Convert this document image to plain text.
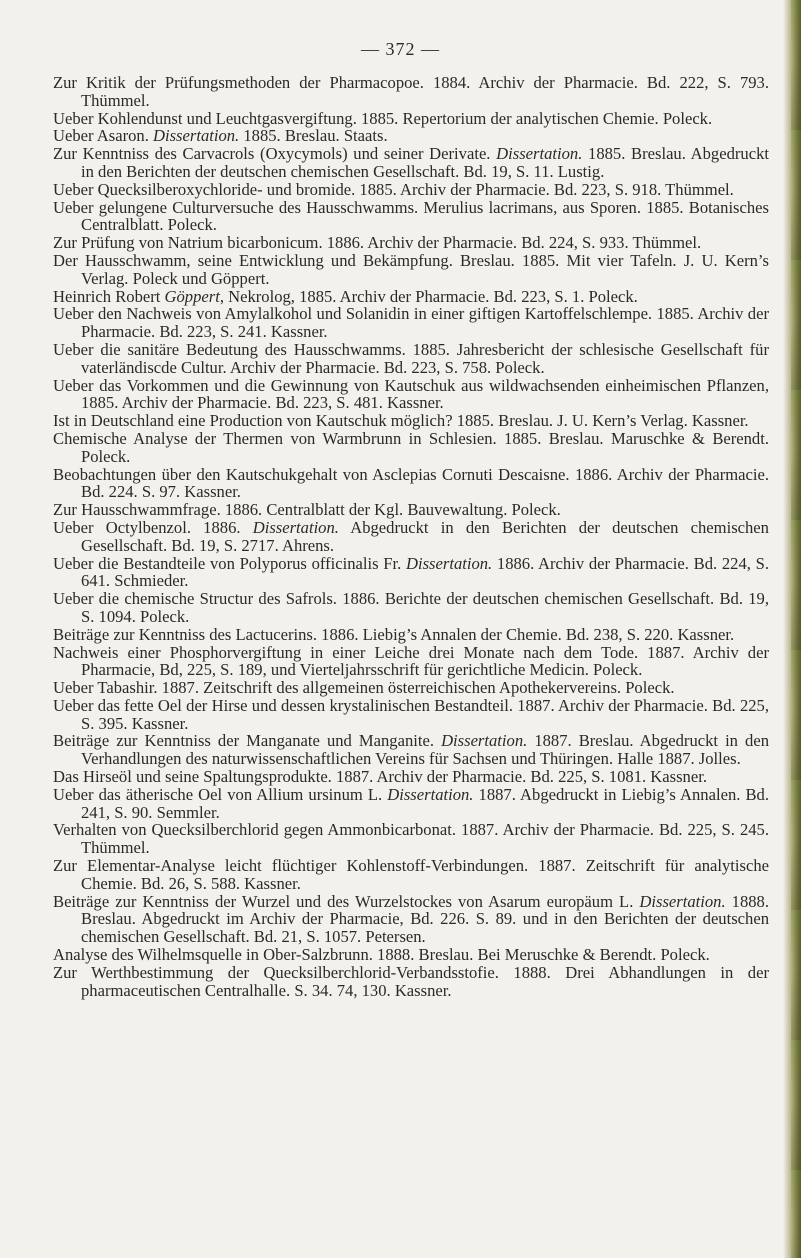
— 372 —

Zur Kritik der Prüfungsmethoden der Pharmacopoe. 1884. Archiv der Pharmacie. Bd. 222, S. 793. Thümmel.

Ueber Kohlendunst und Leuchtgasvergiftung. 1885. Repertorium der analytischen Chemie. Poleck.

Ueber Asaron. Dissertation. 1885. Breslau. Staats.

Zur Kenntniss des Carvacrols (Oxycymols) und seiner Derivate. Dissertation. 1885. Breslau. Abgedruckt in den Berichten der deutschen chemischen Gesellschaft. Bd. 19, S. 11. Lustig.

Ueber Quecksilberoxychloride- und bromide. 1885. Archiv der Pharmacie. Bd. 223, S. 918. Thümmel.

Ueber gelungene Culturversuche des Hausschwamms. Merulius lacrimans, aus Sporen. 1885. Botanisches Centralblatt. Poleck.

Zur Prüfung von Natrium bicarbonicum. 1886. Archiv der Pharmacie. Bd. 224, S. 933. Thümmel.

Der Hausschwamm, seine Entwicklung und Bekämpfung. Breslau. 1885. Mit vier Tafeln. J. U. Kern’s Verlag. Poleck und Göppert.

Heinrich Robert Göppert, Nekrolog, 1885. Archiv der Pharmacie. Bd. 223, S. 1. Poleck.

Ueber den Nachweis von Amylalkohol und Solanidin in einer giftigen Kartoffelschlempe. 1885. Archiv der Pharmacie. Bd. 223, S. 241. Kassner.

Ueber die sanitäre Bedeutung des Hausschwamms. 1885. Jahresbericht der schlesische Gesellschaft für vaterländiscde Cultur. Archiv der Pharmacie. Bd. 223, S. 758. Poleck.

Ueber das Vorkommen und die Gewinnung von Kautschuk aus wildwachsenden einheimischen Pflanzen, 1885. Archiv der Pharmacie. Bd. 223, S. 481. Kassner.

Ist in Deutschland eine Production von Kautschuk möglich? 1885. Breslau. J. U. Kern’s Verlag. Kassner.

Chemische Analyse der Thermen von Warmbrunn in Schlesien. 1885. Breslau. Maruschke & Berendt. Poleck.

Beobachtungen über den Kautschukgehalt von Asclepias Cornuti Descaisne. 1886. Archiv der Pharmacie. Bd. 224. S. 97. Kassner.

Zur Hausschwammfrage. 1886. Centralblatt der Kgl. Bauvewaltung. Poleck.

Ueber Octylbenzol. 1886. Dissertation. Abgedruckt in den Berichten der deutschen chemischen Gesellschaft. Bd. 19, S. 2717. Ahrens.

Ueber die Bestandteile von Polyporus officinalis Fr. Dissertation. 1886. Archiv der Pharmacie. Bd. 224, S. 641. Schmieder.

Ueber die chemische Structur des Safrols. 1886. Berichte der deutschen chemischen Gesellschaft. Bd. 19, S. 1094. Poleck.

Beiträge zur Kenntniss des Lactucerins. 1886. Liebig’s Annalen der Chemie. Bd. 238, S. 220. Kassner.

Nachweis einer Phosphorvergiftung in einer Leiche drei Monate nach dem Tode. 1887. Archiv der Pharmacie, Bd, 225, S. 189, und Vierteljahrsschrift für gerichtliche Medicin. Poleck.

Ueber Tabashir. 1887. Zeitschrift des allgemeinen österreichischen Apothekervereins. Poleck.

Ueber das fette Oel der Hirse und dessen krystalinischen Bestandteil. 1887. Archiv der Pharmacie. Bd. 225, S. 395. Kassner.

Beiträge zur Kenntniss der Manganate und Manganite. Dissertation. 1887. Breslau. Abgedruckt in den Verhandlungen des naturwissenschaftlichen Vereins für Sachsen und Thüringen. Halle 1887. Jolles.

Das Hirseöl und seine Spaltungsprodukte. 1887. Archiv der Pharmacie. Bd. 225, S. 1081. Kassner.

Ueber das ätherische Oel von Allium ursinum L. Dissertation. 1887. Abgedruckt in Liebig’s Annalen. Bd. 241, S. 90. Semmler.

Verhalten von Quecksilberchlorid gegen Ammonbicarbonat. 1887. Archiv der Pharmacie. Bd. 225, S. 245. Thümmel.

Zur Elementar-Analyse leicht flüchtiger Kohlenstoff-Verbindungen. 1887. Zeitschrift für analytische Chemie. Bd. 26, S. 588. Kassner.

Beiträge zur Kenntniss der Wurzel und des Wurzelstockes von Asarum europäum L. Dissertation. 1888. Breslau. Abgedruckt im Archiv der Pharmacie, Bd. 226. S. 89. und in den Berichten der deutschen chemischen Gesellschaft. Bd. 21, S. 1057. Petersen.

Analyse des Wilhelmsquelle in Ober-Salzbrunn. 1888. Breslau. Bei Meruschke & Berendt. Poleck.

Zur Werthbestimmung der Quecksilberchlorid-Verbandsstofie. 1888. Drei Abhandlungen in der pharmaceutischen Centralhalle. S. 34. 74, 130. Kassner.
